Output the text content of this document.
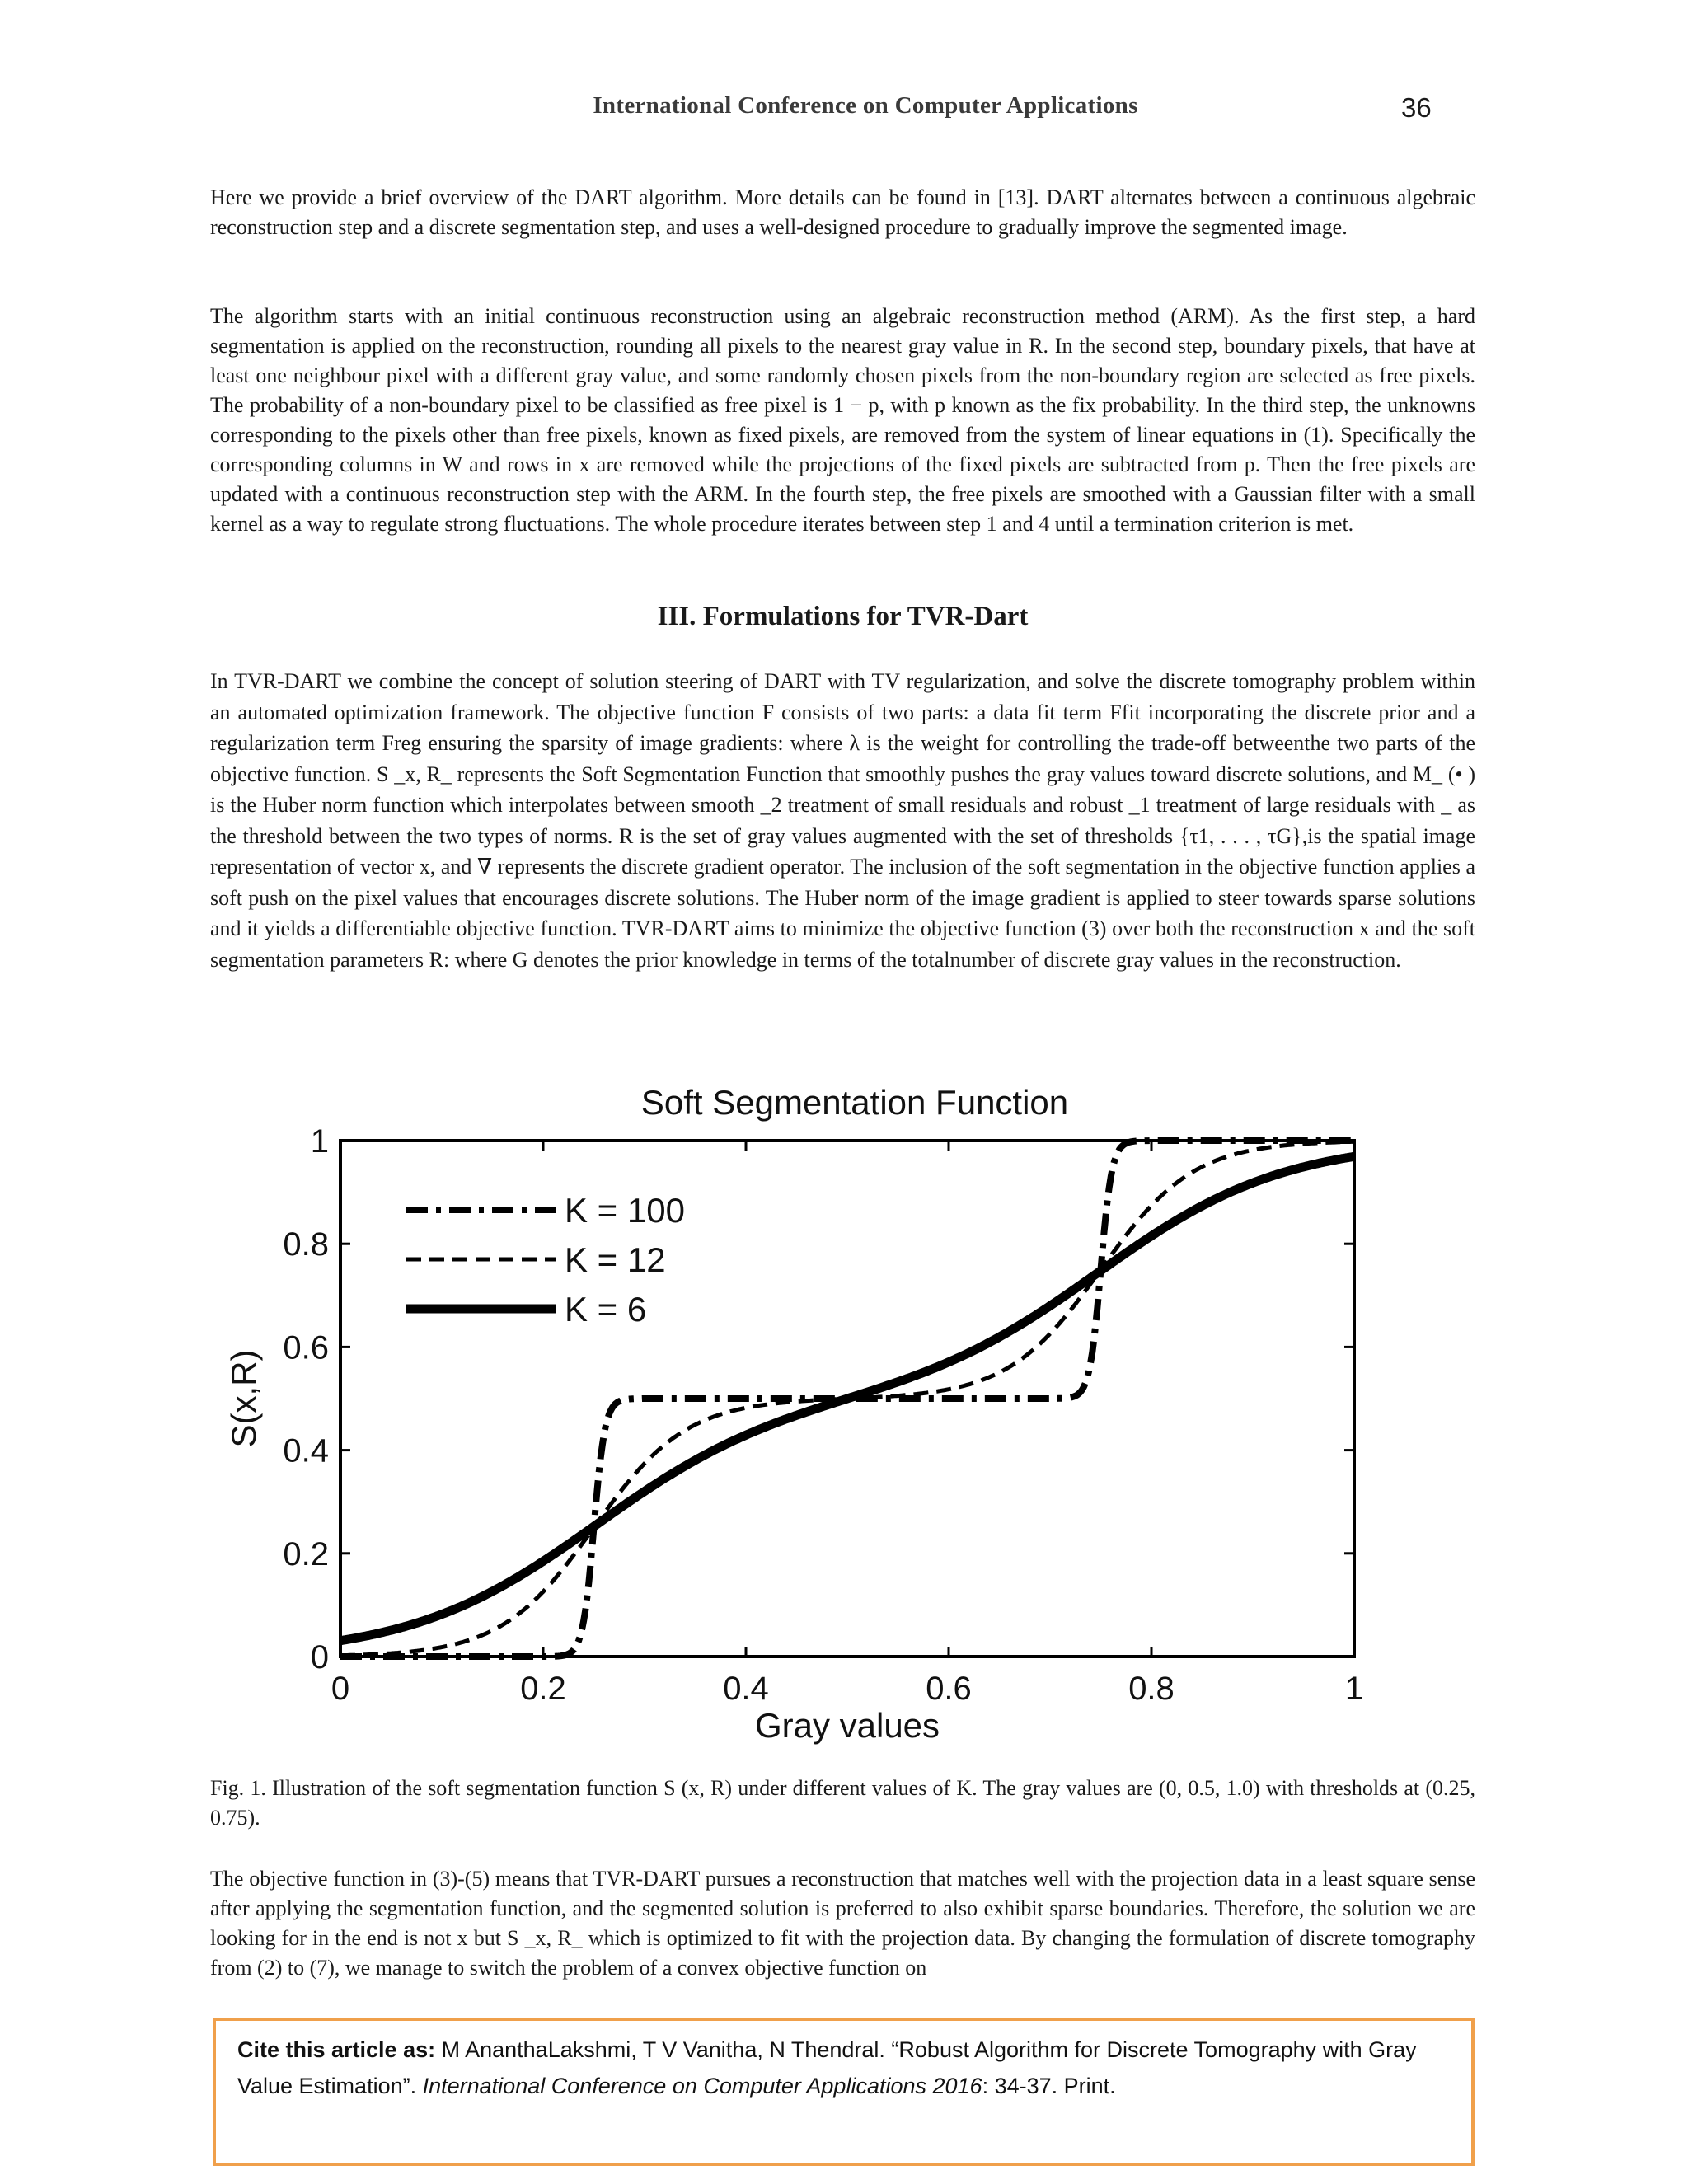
International Conference on Computer Applications	36

Here we provide a brief overview of the DART algorithm. More details can be found in [13]. DART alternates between a continuous algebraic reconstruction step and a discrete segmentation step, and uses a well-designed procedure to gradually improve the segmented image.

The algorithm starts with an initial continuous reconstruction using an algebraic reconstruction method (ARM). As the first step, a hard segmentation is applied on the reconstruction, rounding all pixels to the nearest gray value in R. In the second step, boundary pixels, that have at least one neighbour pixel with a different gray value, and some randomly chosen pixels from the non-boundary region are selected as free pixels. The probability of a non-boundary pixel to be classified as free pixel is 1 − p, with p known as the fix probability. In the third step, the unknowns corresponding to the pixels other than free pixels, known as fixed pixels, are removed from the system of linear equations in (1). Specifically the corresponding columns in W and rows in x are removed while the projections of the fixed pixels are subtracted from p. Then the free pixels are updated with a continuous reconstruction step with the ARM. In the fourth step, the free pixels are smoothed with a Gaussian filter with a small kernel as a way to regulate strong fluctuations. The whole procedure iterates between step 1 and 4 until a termination criterion is met.

III. Formulations for TVR-Dart

In TVR-DART we combine the concept of solution steering of DART with TV regularization, and solve the discrete tomography problem within an automated optimization framework. The objective function F consists of two parts: a data fit term Ffit incorporating the discrete prior and a regularization term Freg ensuring the sparsity of image gradients: where λ is the weight for controlling the trade-off betweenthe two parts of the objective function. S _x, R_ represents the Soft Segmentation Function that smoothly pushes the gray values toward discrete solutions, and M_ (• ) is the Huber norm function which interpolates between smooth _2 treatment of small residuals and robust _1 treatment of large residuals with _ as the threshold between the two types of norms. R is the set of gray values augmented with the set of thresholds {τ1, . . . , τG},is the spatial image representation of vector x, and ∇ represents the discrete gradient operator. The inclusion of the soft segmentation in the objective function applies a soft push on the pixel values that encourages discrete solutions. The Huber norm of the image gradient is applied to steer towards sparse solutions and it yields a differentiable objective function. TVR-DART aims to minimize the objective function (3) over both the reconstruction x and the soft segmentation parameters R: where G denotes the prior knowledge in terms of the totalnumber of discrete gray values in the reconstruction.

Soft Segmentation Function
0	0.2	0.4	0.6	0.8	1
0
0.2
0.4
0.6
0.8
1
Gray values
S(x,R)
K = 100
K = 12
K = 6

Fig. 1. Illustration of the soft segmentation function S (x, R) under different values of K. The gray values are (0, 0.5, 1.0) with thresholds at (0.25, 0.75).

The objective function in (3)-(5) means that TVR-DART pursues a reconstruction that matches well with the projection data in a least square sense after applying the segmentation function, and the segmented solution is preferred to also exhibit sparse boundaries. Therefore, the solution we are looking for in the end is not x but S _x, R_ which is optimized to fit with the projection data. By changing the formulation of discrete tomography from (2) to (7), we manage to switch the problem of a convex objective function on

Cite this article as: M AnanthaLakshmi, T V Vanitha, N Thendral. “Robust Algorithm for Discrete Tomography with Gray Value Estimation”. International Conference on Computer Applications 2016: 34-37. Print.
